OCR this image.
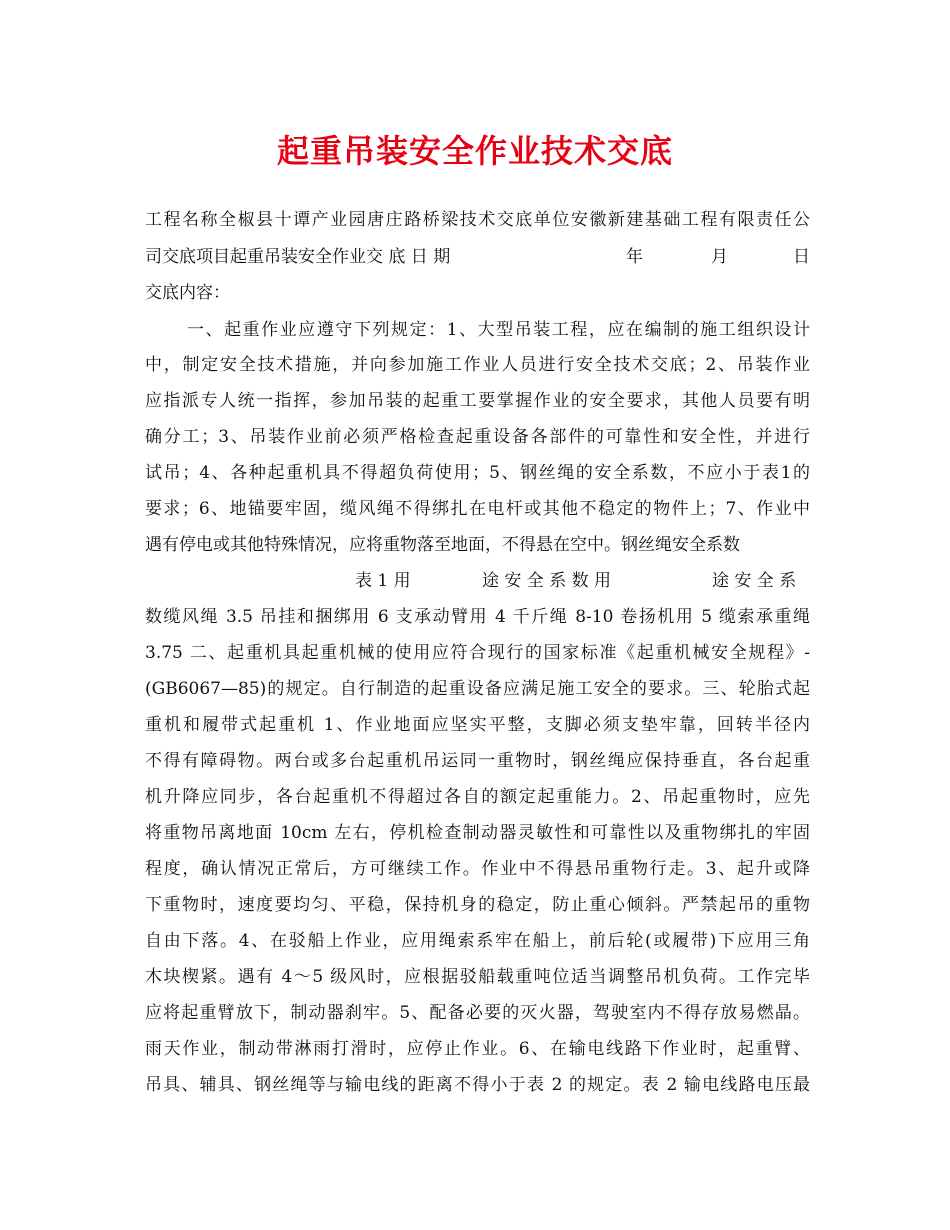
起重吊装安全作业技术交底
工程名称全椒县十谭产业园唐庄路桥梁技术交底单位安徽新建基础工程有限责任公
司交底项目起重吊装安全作业交 底 日 期	年	月	日
交底内容：
一、起重作业应遵守下列规定：1、大型吊装工程，应在编制的施工组织设计
中，制定安全技术措施，并向参加施工作业人员进行安全技术交底；2、吊装作业
应指派专人统一指挥，参加吊装的起重工要掌握作业的安全要求，其他人员要有明
确分工；3、吊装作业前必须严格检查起重设备各部件的可靠性和安全性，并进行
试吊；4、各种起重机具不得超负荷使用；5、钢丝绳的安全系数，不应小于表1的
要求；6、地锚要牢固，缆风绳不得绑扎在电杆或其他不稳定的物件上；7、作业中
遇有停电或其他特殊情况，应将重物落至地面，不得悬在空中。钢丝绳安全系数
表 1 用	途 安 全 系 数 用	途 安 全 系
数缆风绳 3.5 吊挂和捆绑用 6 支承动臂用 4 千斤绳 8-10 卷扬机用 5 缆索承重绳
3.75 二、起重机具起重机械的使用应符合现行的国家标准《起重机械安全规程》-
(GB6067—85)的规定。自行制造的起重设备应满足施工安全的要求。三、轮胎式起
重机和履带式起重机 1、作业地面应坚实平整，支脚必须支垫牢靠，回转半径内
不得有障碍物。两台或多台起重机吊运同一重物时，钢丝绳应保持垂直，各台起重
机升降应同步，各台起重机不得超过各自的额定起重能力。2、吊起重物时，应先
将重物吊离地面 10cm 左右，停机检查制动器灵敏性和可靠性以及重物绑扎的牢固
程度，确认情况正常后，方可继续工作。作业中不得悬吊重物行走。3、起升或降
下重物时，速度要均匀、平稳，保持机身的稳定，防止重心倾斜。严禁起吊的重物
自由下落。4、在驳船上作业，应用绳索系牢在船上，前后轮(或履带)下应用三角
木块楔紧。遇有 4～5 级风时，应根据驳船载重吨位适当调整吊机负荷。工作完毕
应将起重臂放下，制动器刹牢。5、配备必要的灭火器，驾驶室内不得存放易燃晶。
雨天作业，制动带淋雨打滑时，应停止作业。6、在输电线路下作业时，起重臂、
吊具、辅具、钢丝绳等与输电线的距离不得小于表 2 的规定。表 2 输电线路电压最
